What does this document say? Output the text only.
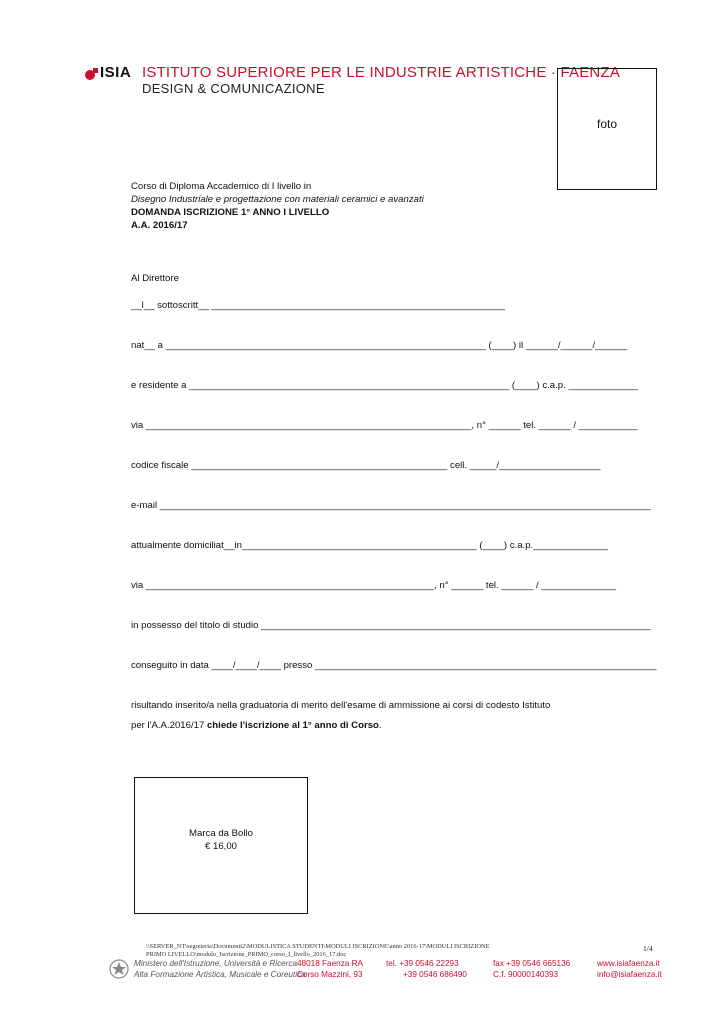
ISIA ISTITUTO SUPERIORE PER LE INDUSTRIE ARTISTICHE · FAENZA
DESIGN & COMUNICAZIONE
foto
Corso di Diploma Accademico di I livello in
Disegno Industriale e progettazione con materiali ceramici e avanzati
DOMANDA ISCRIZIONE 1° ANNO I LIVELLO
A.A. 2016/17
Al Direttore
__l__ sottoscritt__ _______________________________________________________
nat__ a ____________________________________________________________ (____) il ______/______/______
e residente a ____________________________________________________________ (____) c.a.p. _____________
via _____________________________________________________________, n° ______ tel. ______ / ___________
codice fiscale ________________________________________________ cell. _____/___________________
e-mail ____________________________________________________________________________________________
attualmente domiciliat__in____________________________________________ (____) c.a.p.______________
via ______________________________________________________, n° ______ tel. ______ / ______________
in possesso del titolo di studio _________________________________________________________________________
conseguito in data ____/____/____ presso ________________________________________________________________
risultando inserito/a nella graduatoria di merito dell'esame di ammissione ai corsi di codesto Istituto
per l'A.A.2016/17 chiede l'iscrizione al 1° anno di Corso.
Marca da Bollo
€ 16,00
\\SERVER_NT\segreteria\Documenti2\MODULISTICA STUDENTI\MODULI ISCRIZIONE\anno 2016-17\MODULI ISCRIZIONE PRIMO LIVELLO\modulo_Iscrizione_PRIMO_corso_I_livello_2016_17.doc
1/4
Ministero dell'Istruzione, Università e Ricerca
Alta Formazione Artistica, Musicale e Coreutica
48018 Faenza RA
Corso Mazzini, 93
tel. +39 0546 22293
+39 0546 686490
fax +39 0546 665136
C.f. 90000140393
www.isiafaenza.it
info@isiafaenza.it
